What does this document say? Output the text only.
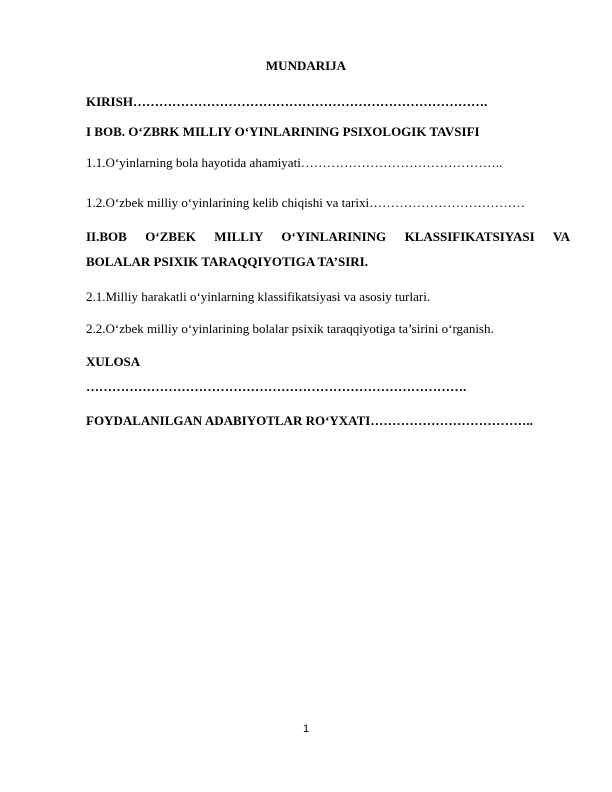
MUNDARIJA
KIRISH……………………………………………………………………….
I BOB. O‘ZBRK MILLIY O‘YINLARINING PSIXOLOGIK TAVSIFI
1.1.O‘yinlarning bola hayotida ahamiyati………………………………………..
1.2.O‘zbek milliy o‘yinlarining kelib chiqishi va tarixi………………………………
II.BOB O‘ZBEK MILLIY O‘YINLARINING KLASSIFIKATSIYASI VA
BOLALAR PSIXIK TARAQQIYOTIGA TA’SIRI.
2.1.Milliy harakatli o‘yinlarning klassifikatsiyasi va asosiy turlari.
2.2.O‘zbek milliy o‘yinlarining bolalar psixik taraqqiyotiga ta’sirini o‘rganish.
XULOSA
…………………………………………………………………………….
FOYDALANILGAN ADABIYOTLAR RO‘YXATI………………………………..
1
